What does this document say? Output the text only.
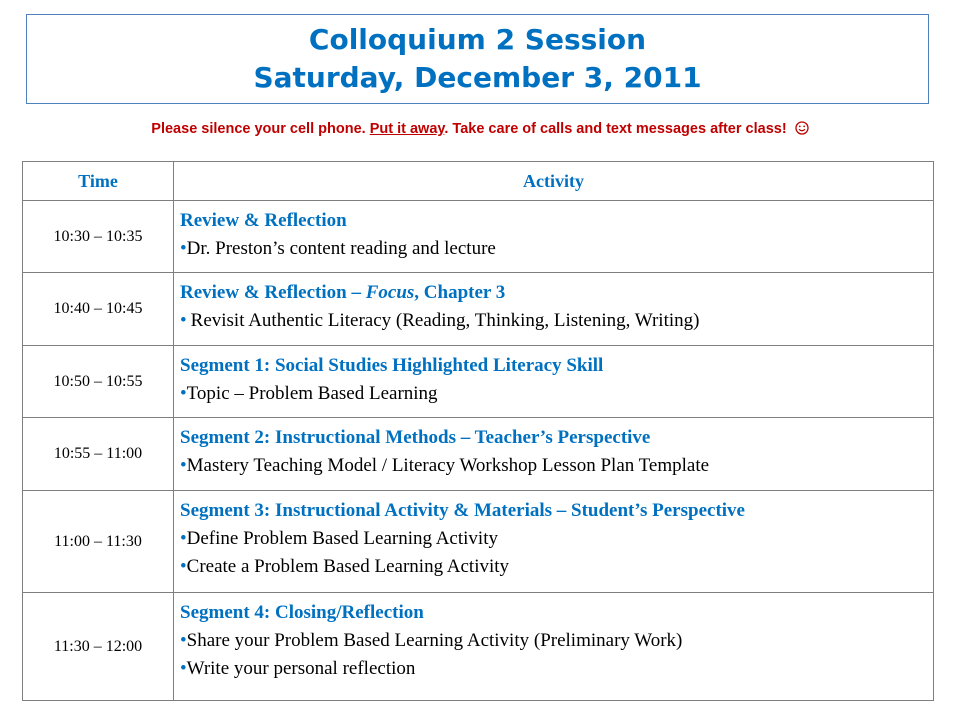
Colloquium 2 Session
Saturday, December 3, 2011
Please silence your cell phone. Put it away. Take care of calls and text messages after class!
Time	Activity
10:30 – 10:35	Review & Reflection
•Dr. Preston’s content reading and lecture

10:40 – 10:45	Review & Reflection – Focus, Chapter 3
• Revisit Authentic Literacy (Reading, Thinking, Listening, Writing)

10:50 – 10:55	Segment 1: Social Studies Highlighted Literacy Skill
•Topic – Problem Based Learning

10:55 – 11:00	Segment 2: Instructional Methods – Teacher’s Perspective
•Mastery Teaching Model / Literacy Workshop Lesson Plan Template

11:00 – 11:30	Segment 3: Instructional Activity & Materials – Student’s Perspective
•Define Problem Based Learning Activity
•Create a Problem Based Learning Activity

11:30 – 12:00	Segment 4: Closing/Reflection
•Share your Problem Based Learning Activity (Preliminary Work)
•Write your personal reflection
